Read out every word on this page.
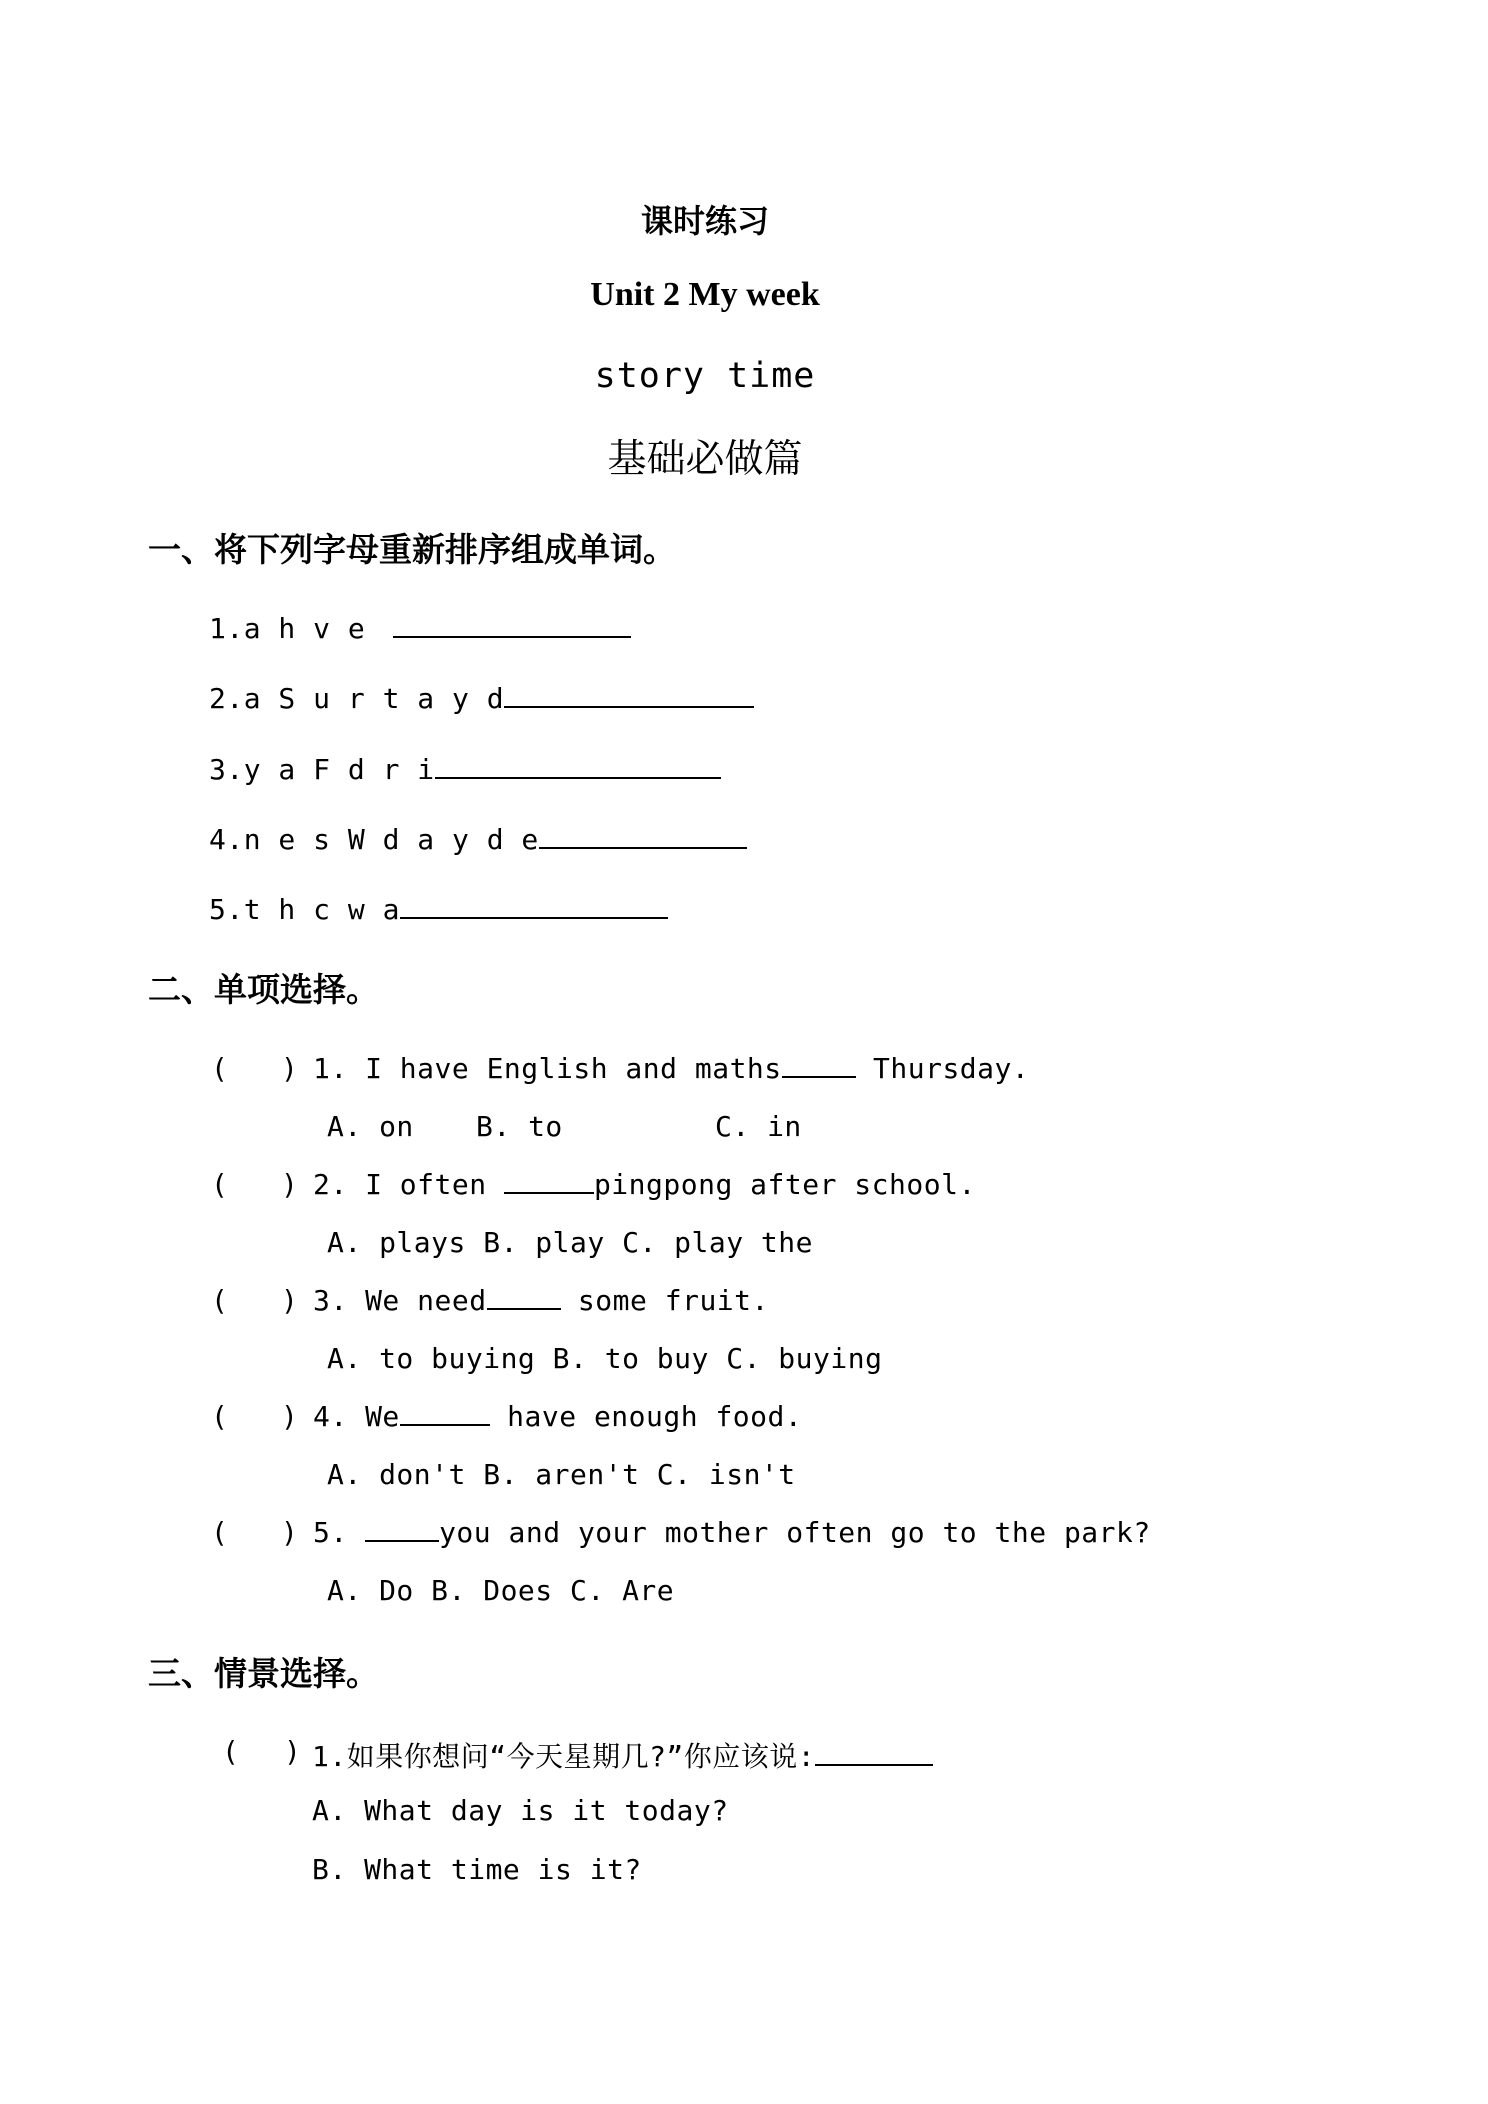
课时练习
Unit 2 My week
story time
基础必做篇
一、将下列字母重新排序组成单词。
1.a h v e
2.a S u r t a y d
3.y a F d r i
4.n e s W d a y d e
5.t h c w a
二、单项选择。
( ) 1. I have English and maths	Thursday.
A. on B. to	C. in
( ) 2. I often	pingpong after school.
A. plays B. play C. play the
( ) 3. We need	some fruit.
A. to buying B. to buy C. buying
( ) 4. We	have enough food.
A. don't B. aren't C. isn't
( ) 5.	you and your mother often go to the park?
A. Do B. Does C. Are
三、情景选择。
( ) 1.如果你想问“今天星期几?”你应该说:
A. What day is it today?
B. What time is it?
